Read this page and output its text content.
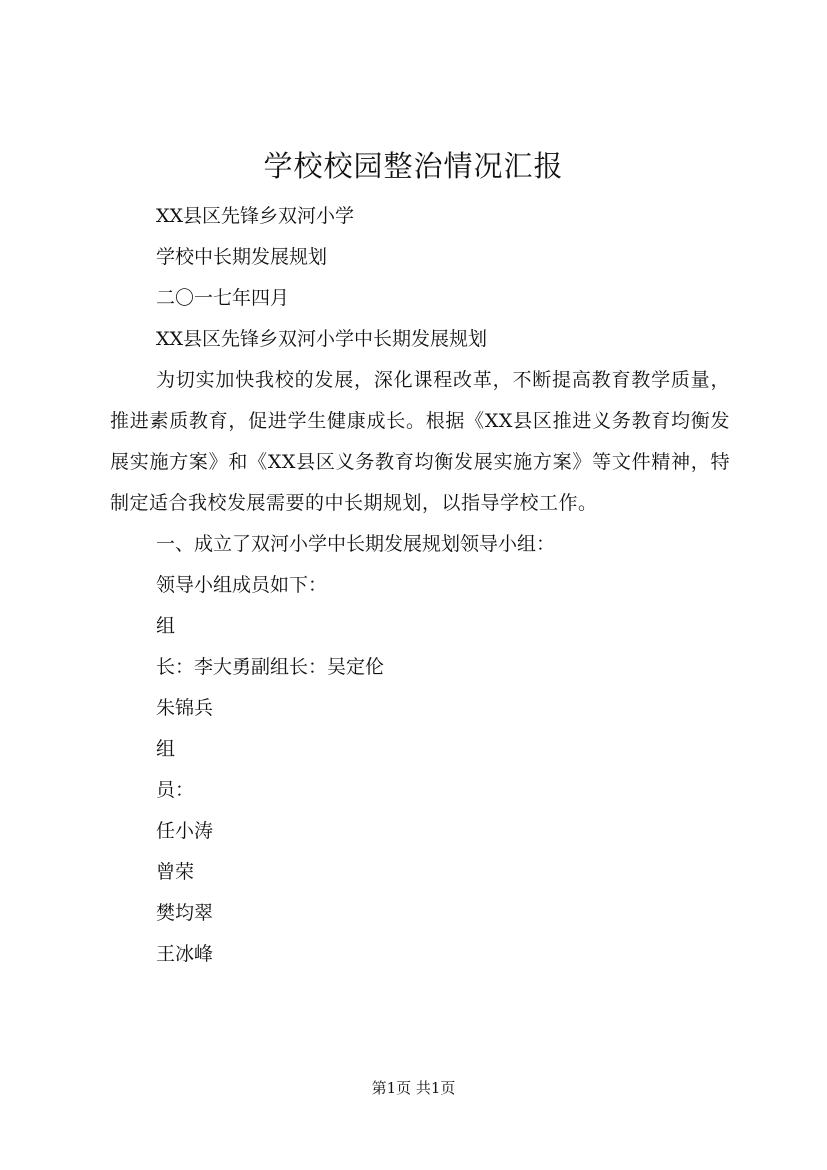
学校校园整治情况汇报

XX县区先锋乡双河小学

学校中长期发展规划

二〇一七年四月

XX县区先锋乡双河小学中长期发展规划

为切实加快我校的发展，深化课程改革，不断提高教育教学质量，推进素质教育，促进学生健康成长。根据《XX县区推进义务教育均衡发展实施方案》和《XX县区义务教育均衡发展实施方案》等文件精神，特制定适合我校发展需要的中长期规划，以指导学校工作。

一、成立了双河小学中长期发展规划领导小组：

领导小组成员如下：

组

长：李大勇副组长：吴定伦

朱锦兵

组

员：

任小涛

曾荣

樊均翠

王冰峰

第1页 共1页
